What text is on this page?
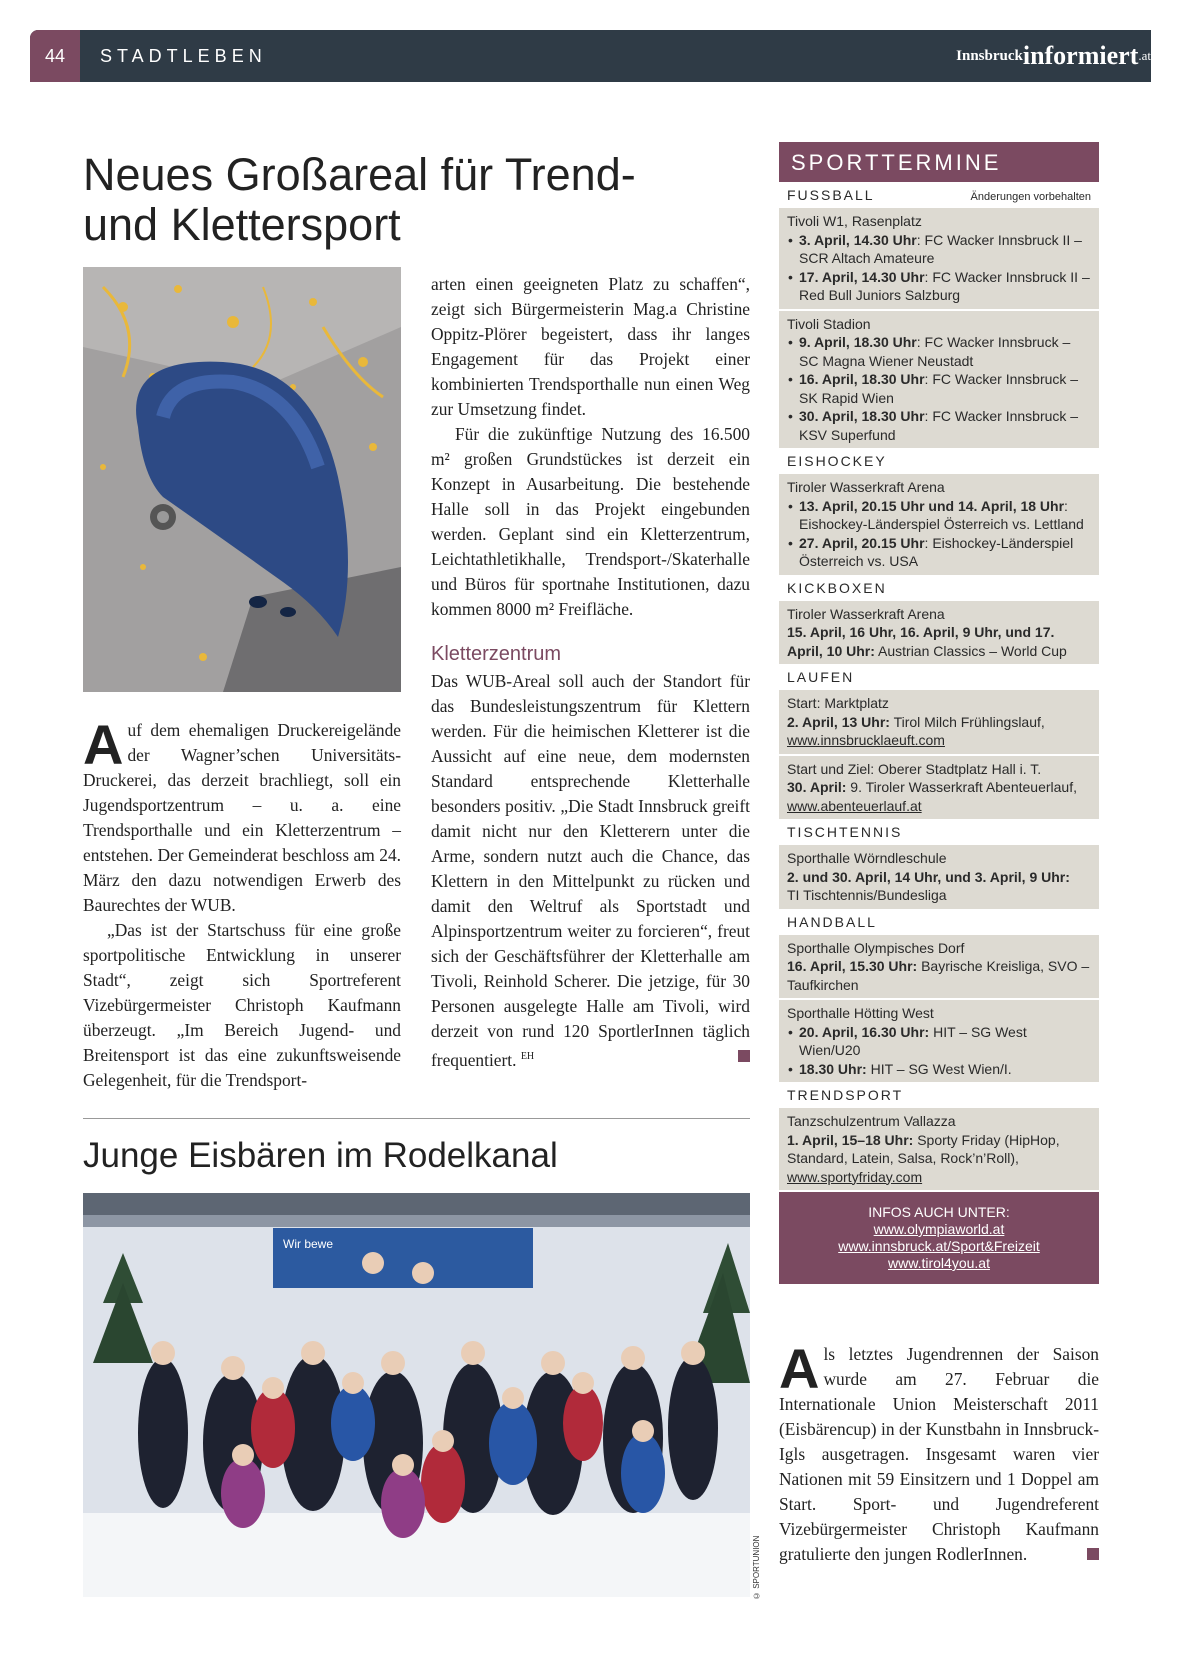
44	STADTLEBEN	Innsbruck informiert .at
Neues Großareal für Trend- und Klettersport

Auf dem ehemaligen Druckereigelände der Wagner’schen Universitäts-Druckerei, das derzeit brachliegt, soll ein Jugendsportzentrum – u. a. eine Trendsporthalle und ein Kletterzentrum – entstehen. Der Gemeinderat beschloss am 24. März den dazu notwendigen Erwerb des Baurechtes der WUB.

„Das ist der Startschuss für eine große sportpolitische Entwicklung in unserer Stadt“, zeigt sich Sportreferent Vizebürgermeister Christoph Kaufmann überzeugt. „Im Bereich Jugend- und Breitensport ist das eine zukunftsweisende Gelegenheit, für die Trendsport-

arten einen geeigneten Platz zu schaffen“, zeigt sich Bürgermeisterin Mag.a Christine Oppitz-Plörer begeistert, dass ihr langes Engagement für das Projekt einer kombinierten Trendsporthalle nun einen Weg zur Umsetzung findet.

Für die zukünftige Nutzung des 16.500 m² großen Grundstückes ist derzeit ein Konzept in Ausarbeitung. Die bestehende Halle soll in das Projekt eingebunden werden. Geplant sind ein Kletterzentrum, Leichtathletikhalle, Trendsport-/Skaterhalle und Büros für sportnahe Institutionen, dazu kommen 8000 m² Freifläche.

Kletterzentrum

Das WUB-Areal soll auch der Standort für das Bundesleistungszentrum für Klettern werden. Für die heimischen Kletterer ist die Aussicht auf eine neue, dem modernsten Standard entsprechende Kletterhalle besonders positiv. „Die Stadt Innsbruck greift damit nicht nur den Kletterern unter die Arme, sondern nutzt auch die Chance, das Klettern in den Mittelpunkt zu rücken und damit den Weltruf als Sportstadt und Alpinsportzentrum weiter zu forcieren“, freut sich der Geschäftsführer der Kletterhalle am Tivoli, Reinhold Scherer. Die jetzige, für 30 Personen ausgelegte Halle am Tivoli, wird derzeit von rund 120 SportlerInnen täglich frequentiert. $^{EH}$

Junge Eisbären im Rodelkanal
Wir bewe
© SPORTUNION

Als letztes Jugendrennen der Saison wurde am 27. Februar die Internationale Union Meisterschaft 2011 (Eisbärencup) in der Kunstbahn in Innsbruck-Igls ausgetragen. Insgesamt waren vier Nationen mit 59 Einsitzern und 1 Doppel am Start. Sport- und Jugendreferent Vizebürgermeister Christoph Kaufmann gratulierte den jungen RodlerInnen.

SPORTTERMINE
FUSSBALL	Änderungen vorbehalten
Tivoli W1, Rasenplatz
• 3. April, 14.30 Uhr: FC Wacker Innsbruck II – SCR Altach Amateure
• 17. April, 14.30 Uhr: FC Wacker Innsbruck II – Red Bull Juniors Salzburg
Tivoli Stadion
• 9. April, 18.30 Uhr: FC Wacker Innsbruck – SC Magna Wiener Neustadt
• 16. April, 18.30 Uhr: FC Wacker Innsbruck – SK Rapid Wien
• 30. April, 18.30 Uhr: FC Wacker Innsbruck – KSV Superfund
EISHOCKEY
Tiroler Wasserkraft Arena
• 13. April, 20.15 Uhr und 14. April, 18 Uhr: Eishockey-Länderspiel Österreich vs. Lettland
• 27. April, 20.15 Uhr: Eishockey-Länderspiel Österreich vs. USA
KICKBOXEN
Tiroler Wasserkraft Arena
15. April, 16 Uhr, 16. April, 9 Uhr, und 17. April, 10 Uhr: Austrian Classics – World Cup
LAUFEN
Start: Marktplatz
2. April, 13 Uhr: Tirol Milch Frühlingslauf,
www.innsbrucklaeuft.com
Start und Ziel: Oberer Stadtplatz Hall i. T.
30. April: 9. Tiroler Wasserkraft Abenteuerlauf, www.abenteuerlauf.at
TISCHTENNIS
Sporthalle Wörndleschule
2. und 30. April, 14 Uhr, und 3. April, 9 Uhr:
TI Tischtennis/Bundesliga
HANDBALL
Sporthalle Olympisches Dorf
16. April, 15.30 Uhr: Bayrische Kreisliga, SVO – Taufkirchen
Sporthalle Hötting West
• 20. April, 16.30 Uhr: HIT – SG West Wien/U20
• 18.30 Uhr: HIT – SG West Wien/I.
TRENDSPORT
Tanzschulzentrum Vallazza
1. April, 15–18 Uhr: Sporty Friday (HipHop, Standard, Latein, Salsa, Rock’n’Roll),
www.sportyfriday.com
INFOS AUCH UNTER:
www.olympiaworld.at
www.innsbruck.at/Sport&Freizeit
www.tirol4you.at
